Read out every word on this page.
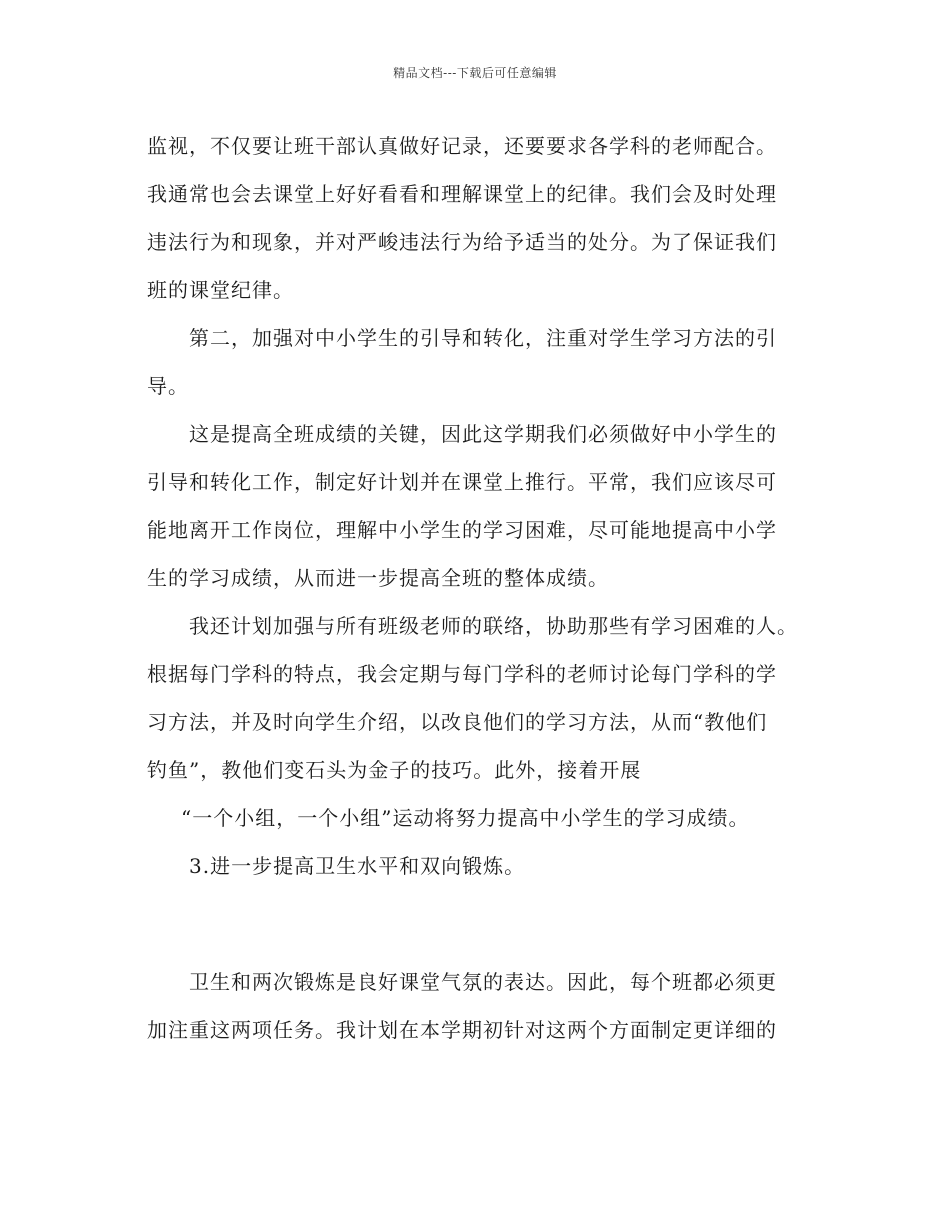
精品文档---下载后可任意编辑
监视，不仅要让班干部认真做好记录，还要要求各学科的老师配合。
我通常也会去课堂上好好看看和理解课堂上的纪律。我们会及时处理
违法行为和现象，并对严峻违法行为给予适当的处分。为了保证我们
班的课堂纪律。
第二，加强对中小学生的引导和转化，注重对学生学习方法的引
导。
这是提高全班成绩的关键，因此这学期我们必须做好中小学生的
引导和转化工作，制定好计划并在课堂上推行。平常，我们应该尽可
能地离开工作岗位，理解中小学生的学习困难，尽可能地提高中小学
生的学习成绩，从而进一步提高全班的整体成绩。
我还计划加强与所有班级老师的联络，协助那些有学习困难的人。
根据每门学科的特点，我会定期与每门学科的老师讨论每门学科的学
习方法，并及时向学生介绍，以改良他们的学习方法，从而“教他们
钓鱼”，教他们变石头为金子的技巧。此外，接着开展
“一个小组，一个小组”运动将努力提高中小学生的学习成绩。
3.进一步提高卫生水平和双向锻炼。
卫生和两次锻炼是良好课堂气氛的表达。因此，每个班都必须更
加注重这两项任务。我计划在本学期初针对这两个方面制定更详细的
